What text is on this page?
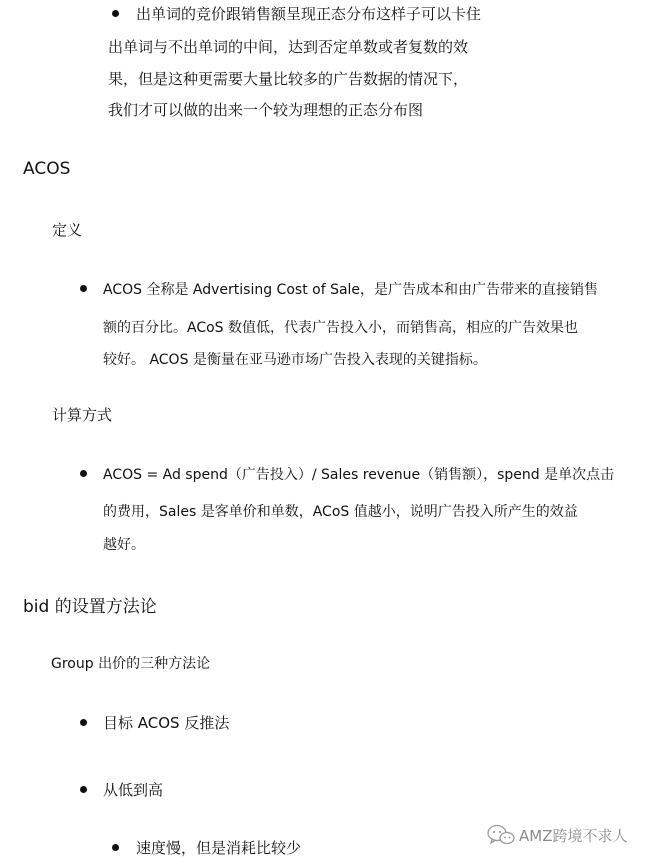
出单词的竞价跟销售额呈现正态分布这样子可以卡住
出单词与不出单词的中间，达到否定单数或者复数的效
果，但是这种更需要大量比较多的广告数据的情况下，
我们才可以做的出来一个较为理想的正态分布图
ACOS
定义
ACOS 全称是 Advertising Cost of Sale，是广告成本和由广告带来的直接销售
额的百分比。ACoS 数值低，代表广告投入小，而销售高，相应的广告效果也
较好。 ACOS 是衡量在亚马逊市场广告投入表现的关键指标。
计算方式
ACOS = Ad spend（广告投入）/ Sales revenue（销售额），spend 是单次点击
的费用，Sales 是客单价和单数，ACoS 值越小，说明广告投入所产生的效益
越好。
bid 的设置方法论
Group 出价的三种方法论
目标 ACOS 反推法
从低到高
速度慢，但是消耗比较少
AMZ跨境不求人
